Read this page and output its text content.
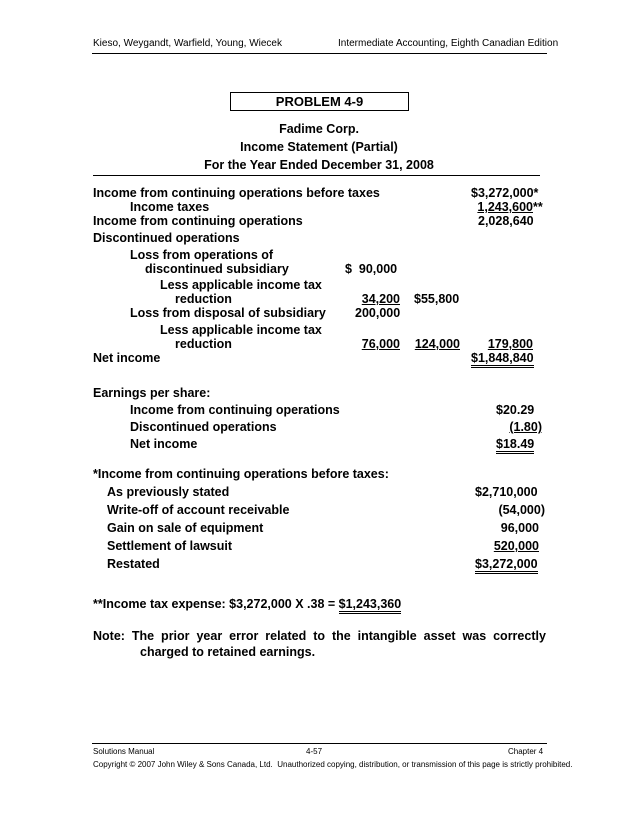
Kieso, Weygandt, Warfield, Young, Wiecek	Intermediate Accounting, Eighth Canadian Edition
PROBLEM 4-9
Fadime Corp.
Income Statement (Partial)
For the Year Ended December 31, 2008
Income from continuing operations before taxes	$3,272,000*
Income taxes	1,243,600 **
Income from continuing operations	2,028,640
Discontinued operations
Loss from operations of
discontinued subsidiary	$  90,000
Less applicable income tax
reduction	34,200 $55,800
Loss from disposal of subsidiary 200,000
Less applicable income tax
reduction	76,000	124,000	179,800
Net income	$1,848,840
Earnings per share:
Income from continuing operations	$20.29
Discontinued operations	(1.80)
Net income	$18.49
*Income from continuing operations before taxes:
As previously stated	$2,710,000
Write-off of account receivable	(54,000)
Gain on sale of equipment	96,000
Settlement of lawsuit	520,000
Restated	$3,272,000
**Income tax expense: $3,272,000 X .38 = $1,243,360
Note:  The  prior  year  error  related  to  the  intangible  asset  was  correctly
charged to retained earnings.
Solutions Manual	4-57	Chapter 4
Copyright © 2007 John Wiley & Sons Canada, Ltd.  Unauthorized copying, distribution, or transmission of this page is strictly prohibited.
